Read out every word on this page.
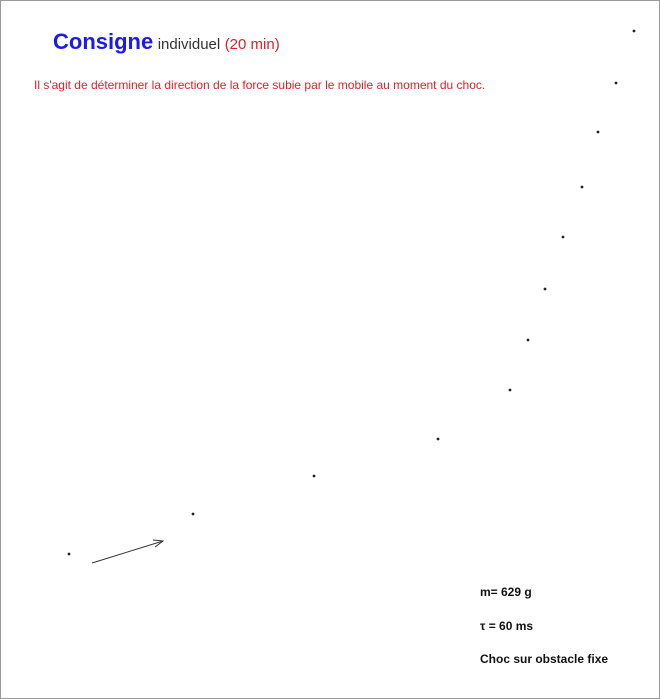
Consigne individuel (20 min)
Il s'agit de déterminer la direction de la force subie par le mobile au moment du choc.
m= 629 g
τ = 60 ms
Choc sur obstacle fixe
